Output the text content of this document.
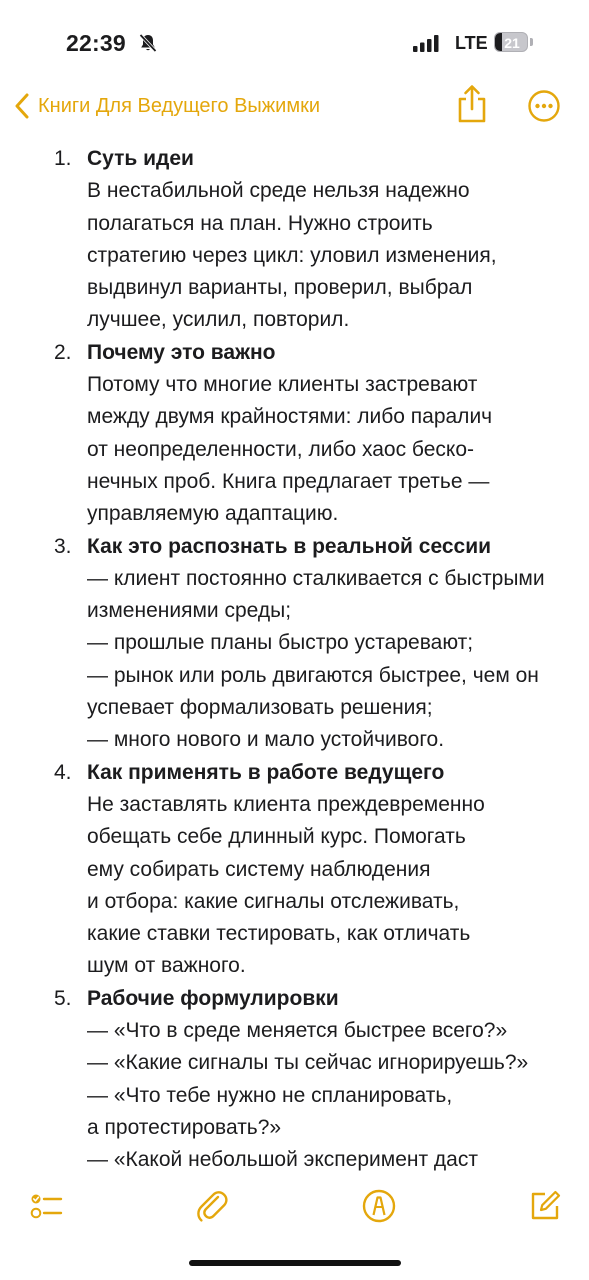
22:39	LTE	21
Книги Для Ведущего Выжимки
1. Суть идеи
В нестабильной среде нельзя надежно
полагаться на план. Нужно строить
стратегию через цикл: уловил изменения,
выдвинул варианты, проверил, выбрал
лучшее, усилил, повторил.
2. Почему это важно
Потому что многие клиенты застревают
между двумя крайностями: либо паралич
от неопределенности, либо хаос беско-
нечных проб. Книга предлагает третье —
управляемую адаптацию.
3. Как это распознать в реальной сессии
— клиент постоянно сталкивается с быстрыми
изменениями среды;
— прошлые планы быстро устаревают;
— рынок или роль двигаются быстрее, чем он
успевает формализовать решения;
— много нового и мало устойчивого.
4. Как применять в работе ведущего
Не заставлять клиента преждевременно
обещать себе длинный курс. Помогать
ему собирать систему наблюдения
и отбора: какие сигналы отслеживать,
какие ставки тестировать, как отличать
шум от важного.
5. Рабочие формулировки
— «Что в среде меняется быстрее всего?»
— «Какие сигналы ты сейчас игнорируешь?»
— «Что тебе нужно не спланировать,
а протестировать?»
— «Какой небольшой эксперимент даст
